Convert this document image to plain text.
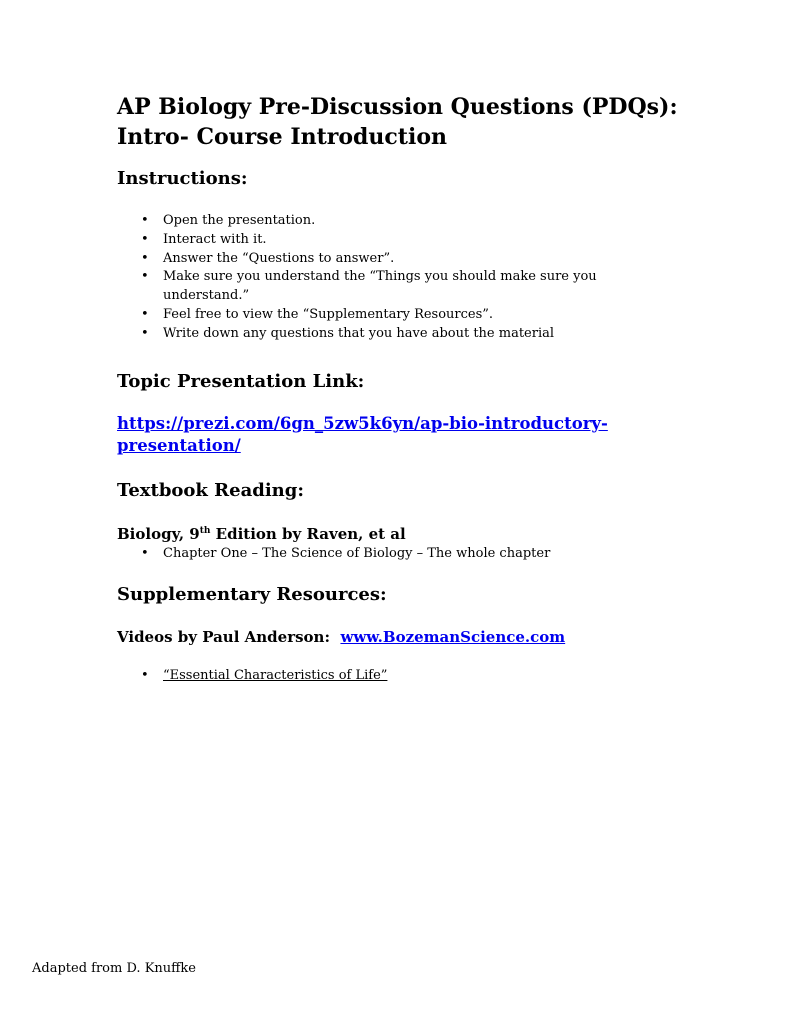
AP Biology Pre-Discussion Questions (PDQs): Intro- Course Introduction
Instructions:
• Open the presentation.
• Interact with it.
• Answer the “Questions to answer”.
• Make sure you understand the “Things you should make sure you understand.”
• Feel free to view the “Supplementary Resources”.
• Write down any questions that you have about the material
Topic Presentation Link:
https://prezi.com/6gn_5zw5k6yn/ap-bio-introductory-presentation/
Textbook Reading:
Biology, 9th Edition by Raven, et al
• Chapter One – The Science of Biology – The whole chapter
Supplementary Resources:
Videos by Paul Anderson: www.BozemanScience.com
• “Essential Characteristics of Life”
Adapted from D. Knuffke
